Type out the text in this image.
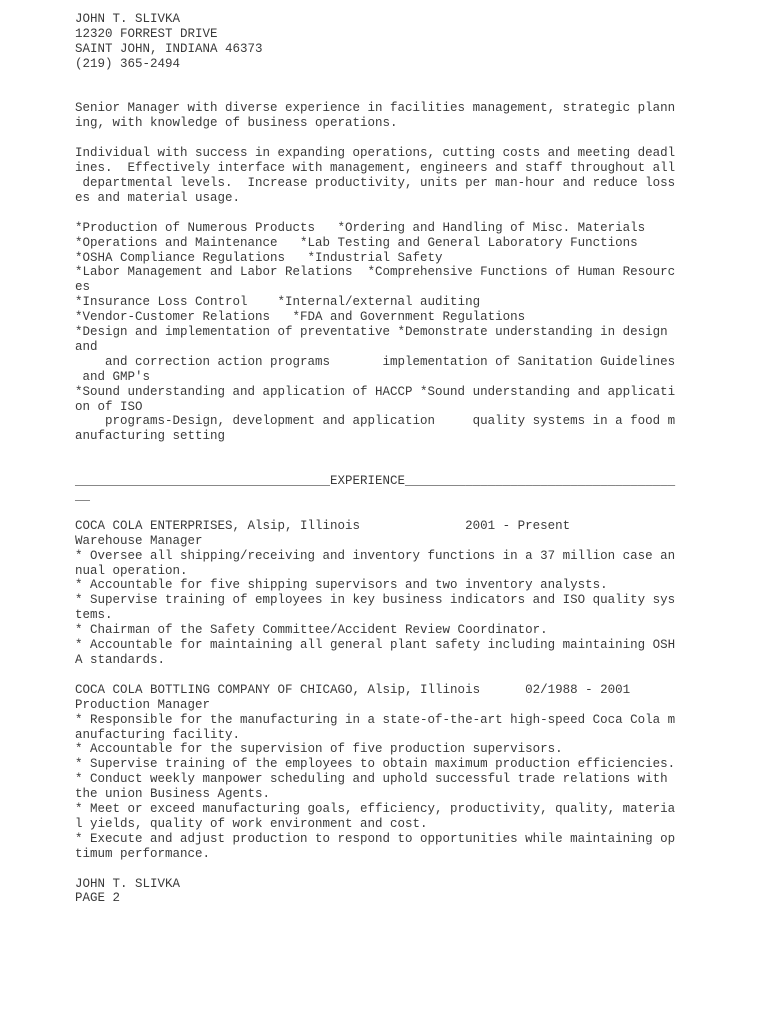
JOHN T. SLIVKA
12320 FORREST DRIVE
SAINT JOHN, INDIANA 46373
(219) 365-2494
Senior Manager with diverse experience in facilities management, strategic plann
ing, with knowledge of business operations.
Individual with success in expanding operations, cutting costs and meeting deadl
ines.  Effectively interface with management, engineers and staff throughout all
departmental levels.  Increase productivity, units per man-hour and reduce loss
es and material usage.
*Production of Numerous Products   *Ordering and Handling of Misc. Materials
*Operations and Maintenance   *Lab Testing and General Laboratory Functions
*OSHA Compliance Regulations   *Industrial Safety
*Labor Management and Labor Relations  *Comprehensive Functions of Human Resourc
es
*Insurance Loss Control    *Internal/external auditing
*Vendor-Customer Relations   *FDA and Government Regulations
*Design and implementation of preventative *Demonstrate understanding in design
and
and correction action programs       implementation of Sanitation Guidelines
and GMP's
*Sound understanding and application of HACCP *Sound understanding and applicati
on of ISO
programs-Design, development and application     quality systems in a food m
anufacturing setting
__________________________________EXPERIENCE____________________________________
__
COCA COLA ENTERPRISES, Alsip, Illinois              2001 - Present
Warehouse Manager
* Oversee all shipping/receiving and inventory functions in a 37 million case an
nual operation.
* Accountable for five shipping supervisors and two inventory analysts.
* Supervise training of employees in key business indicators and ISO quality sys
tems.
* Chairman of the Safety Committee/Accident Review Coordinator.
* Accountable for maintaining all general plant safety including maintaining OSH
A standards.
COCA COLA BOTTLING COMPANY OF CHICAGO, Alsip, Illinois      02/1988 - 2001
Production Manager
* Responsible for the manufacturing in a state-of-the-art high-speed Coca Cola m
anufacturing facility.
* Accountable for the supervision of five production supervisors.
* Supervise training of the employees to obtain maximum production efficiencies.
* Conduct weekly manpower scheduling and uphold successful trade relations with
the union Business Agents.
* Meet or exceed manufacturing goals, efficiency, productivity, quality, materia
l yields, quality of work environment and cost.
* Execute and adjust production to respond to opportunities while maintaining op
timum performance.
JOHN T. SLIVKA
PAGE 2
